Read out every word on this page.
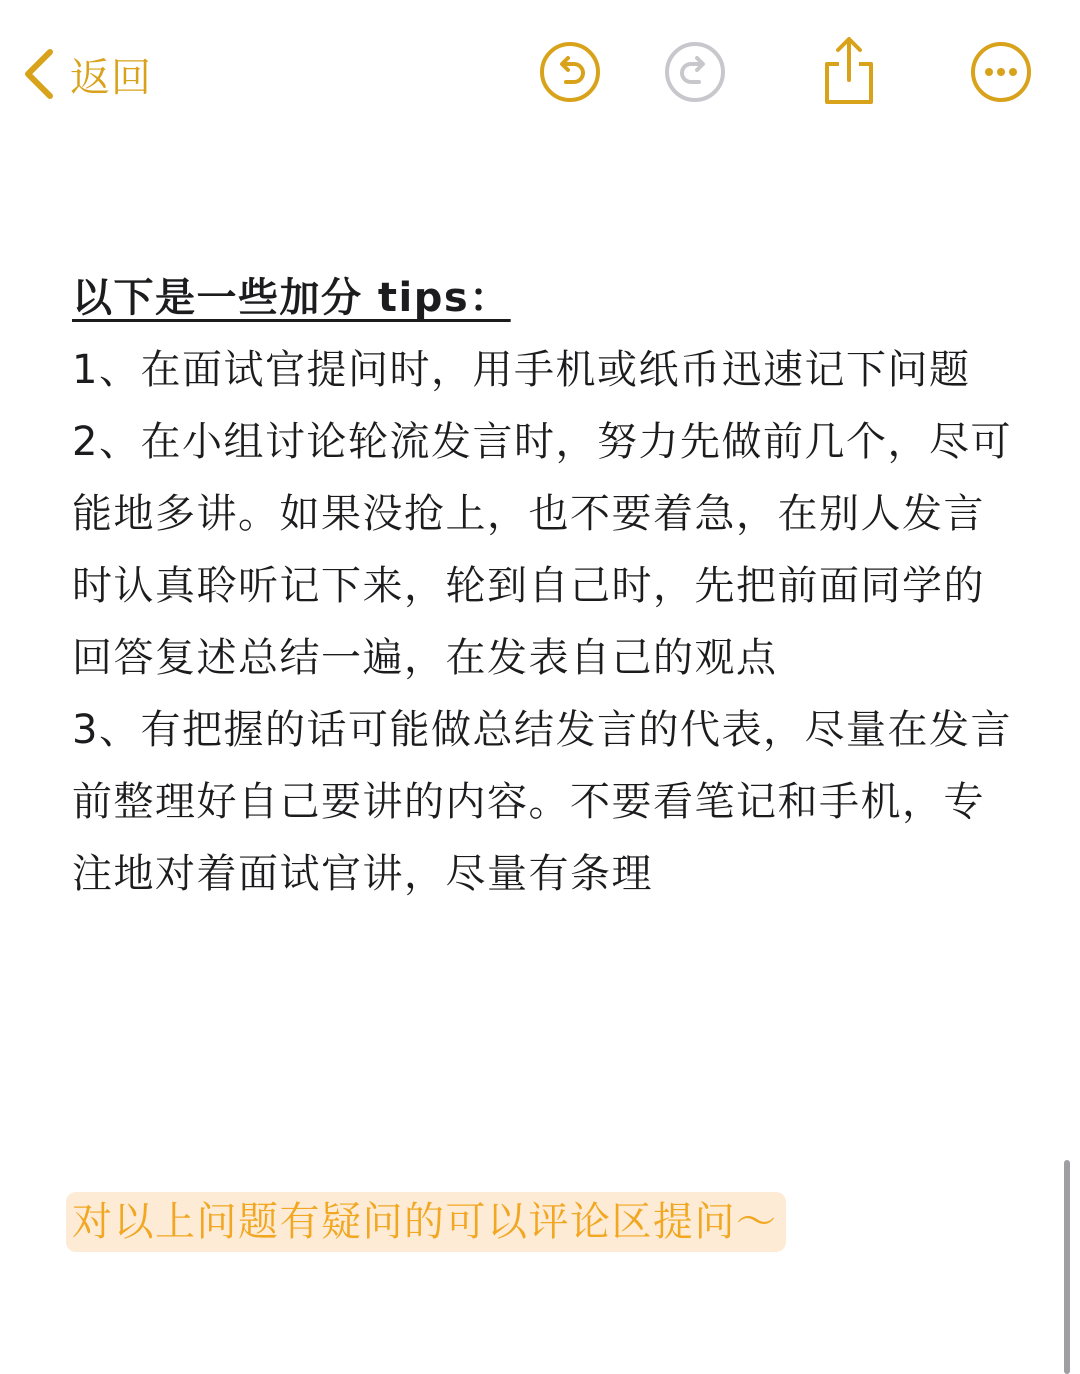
返回
以下是一些加分 tips：

1、在面试官提问时，用手机或纸币迅速记下问题

2、在小组讨论轮流发言时，努力先做前几个，尽可能地多讲。如果没抢上，也不要着急，在别人发言时认真聆听记下来，轮到自己时，先把前面同学的回答复述总结一遍，在发表自己的观点

3、有把握的话可能做总结发言的代表，尽量在发言前整理好自己要讲的内容。不要看笔记和手机，专注地对着面试官讲，尽量有条理

对以上问题有疑问的可以评论区提问～
